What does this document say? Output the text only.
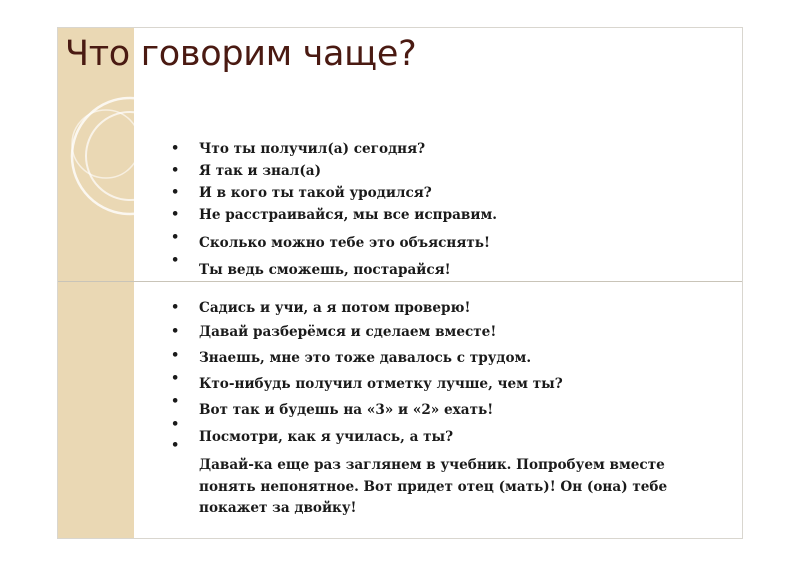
Что говорим чаще?
•
•
•
•
•
•
Что ты получил(а) сегодня?
Я так и знал(а)
И в кого ты такой уродился?
Не расстраивайся, мы все исправим.
Сколько можно тебе это объяснять!
Ты ведь сможешь, постарайся!
•
•
•
•
•
•
•
Садись и учи, а я потом проверю!
Давай разберёмся и сделаем вместе!
Знаешь, мне это тоже давалось с трудом.
Кто-нибудь получил отметку лучше, чем ты?
Вот так и будешь на «3» и «2» ехать!
Посмотри, как я училась, а ты?
Давай-ка еще раз заглянем в учебник. Попробуем вместе понять непонятное. Вот придет отец (мать)! Он (она) тебе покажет за двойку!
